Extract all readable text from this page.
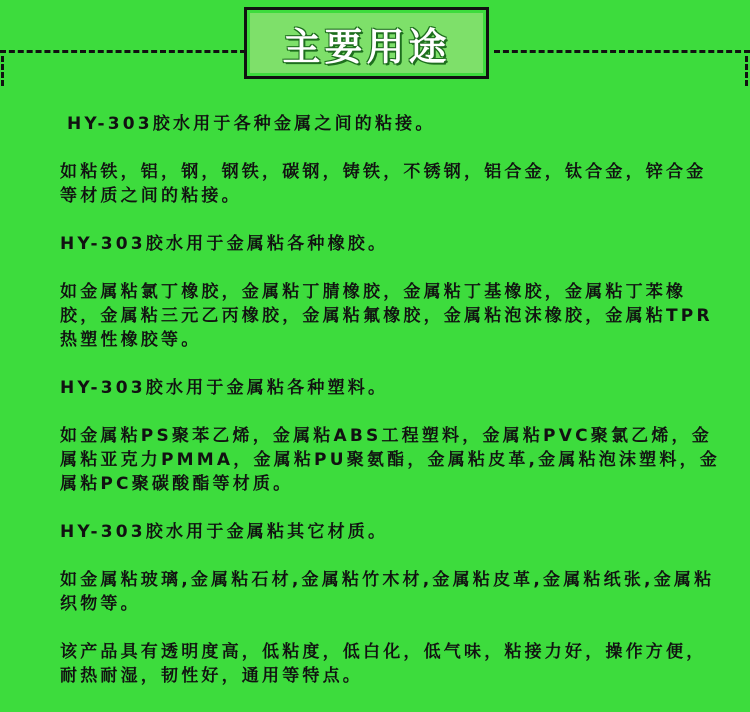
主要用途

HY-303胶水用于各种金属之间的粘接。

如粘铁，铝，钢，钢铁，碳钢，铸铁，不锈钢，铝合金，钛合金，锌合金等材质之间的粘接。

HY-303胶水用于金属粘各种橡胶。

如金属粘氯丁橡胶，金属粘丁腈橡胶，金属粘丁基橡胶，金属粘丁苯橡胶，金属粘三元乙丙橡胶，金属粘氟橡胶，金属粘泡沫橡胶，金属粘TPR热塑性橡胶等。

HY-303胶水用于金属粘各种塑料。

如金属粘PS聚苯乙烯，金属粘ABS工程塑料，金属粘PVC聚氯乙烯，金属粘亚克力PMMA，金属粘PU聚氨酯，金属粘皮革,金属粘泡沫塑料，金属粘PC聚碳酸酯等材质。

HY-303胶水用于金属粘其它材质。

如金属粘玻璃,金属粘石材,金属粘竹木材,金属粘皮革,金属粘纸张,金属粘织物等。

该产品具有透明度高，低粘度，低白化，低气味，粘接力好，操作方便，耐热耐湿，韧性好，通用等特点。
